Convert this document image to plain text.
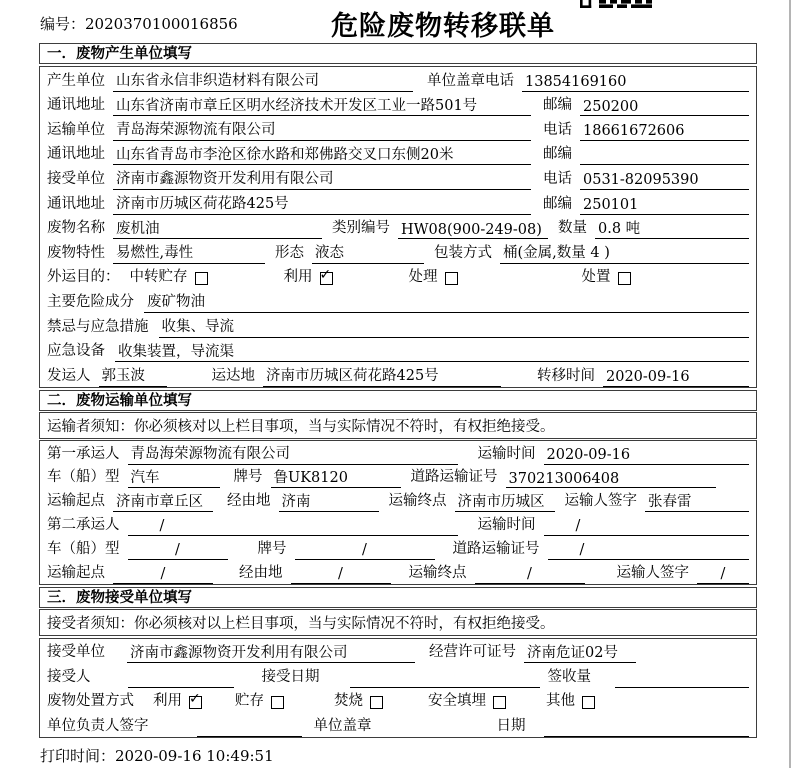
编号：2020370100016856	危险废物转移联单
一．废物产生单位填写
产生单位 山东省永信非织造材料有限公司	单位盖章 电话 13854169160
通讯地址 山东省济南市章丘区明水经济技术开发区工业一路501号	邮编 250200
运输单位 青岛海荣源物流有限公司	电话 18661672606
通讯地址 山东省青岛市李沧区徐水路和郑佛路交叉口东侧20米	邮编
接受单位 济南市鑫源物资开发利用有限公司	电话 0531-82095390
通讯地址 济南市历城区荷花路425号	邮编 250101
废物名称 废机油	类别编号 HW08(900-249-08)	数量 0.8 吨
废物特性 易燃性,毒性	形态 液态	包装方式 桶(金属,数量 4 )
外运目的： 中转贮存	利用 ✓	处理	处置
主要危险成分 废矿物油
禁忌与应急措施 收集、导流
应急设备 收集装置，导流渠
发运人 郭玉波	运达地 济南市历城区荷花路425号	转移时间 2020-09-16
二．废物运输单位填写
运输者须知：你必须核对以上栏目事项，当与实际情况不符时，有权拒绝接受。
第一承运人 青岛海荣源物流有限公司	运输时间 2020-09-16
车（船）型 汽车	牌号 鲁UK8120	道路运输证号 370213006408
运输起点 济南市章丘区	经由地 济南	运输终点 济南市历城区	运输人签字 张春雷
第二承运人	/	运输时间	/
车（船）型	/	牌号	/	道路运输证号	/
运输起点	/	经由地	/	运输终点	/	运输人签字	/
三．废物接受单位填写
接受者须知：你必须核对以上栏目事项，当与实际情况不符时，有权拒绝接受。
接受单位 济南市鑫源物资开发利用有限公司	经营许可证号 济南危证02号
接受人	接受日期	签收量
废物处置方式 利用 ✓ 贮存	焚烧	安全填埋	其他
单位负责人签字	单位盖章	日期
打印时间：2020-09-16 10:49:51
